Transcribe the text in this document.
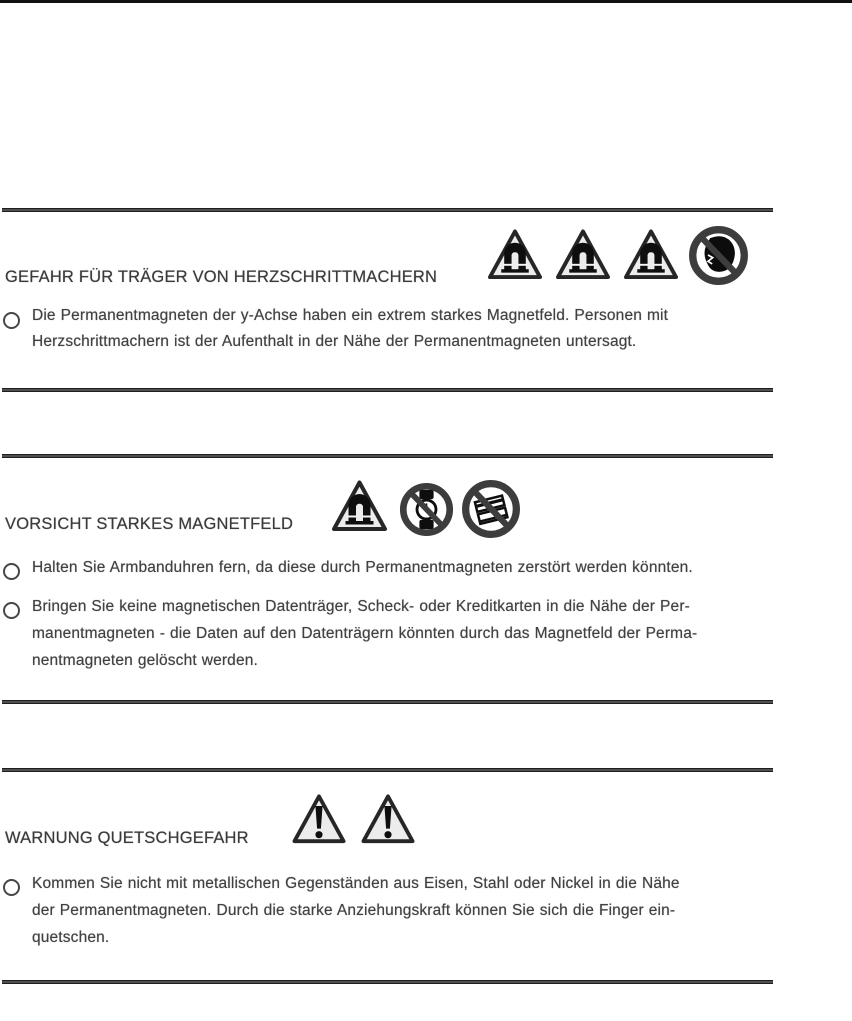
GEFAHR FÜR TRÄGER VON HERZSCHRITTMACHERN
Die Permanentmagneten der y-Achse haben ein extrem starkes Magnetfeld. Personen mit
Herzschrittmachern ist der Aufenthalt in der Nähe der Permanentmagneten untersagt.
VORSICHT STARKES MAGNETFELD
Halten Sie Armbanduhren fern, da diese durch Permanentmagneten zerstört werden könnten.
Bringen Sie keine magnetischen Datenträger, Scheck- oder Kreditkarten in die Nähe der Per-
manentmagneten - die Daten auf den Datenträgern könnten durch das Magnetfeld der Perma-
nentmagneten gelöscht werden.
WARNUNG QUETSCHGEFAHR
Kommen Sie nicht mit metallischen Gegenständen aus Eisen, Stahl oder Nickel in die Nähe
der Permanentmagneten. Durch die starke Anziehungskraft können Sie sich die Finger ein-
quetschen.
